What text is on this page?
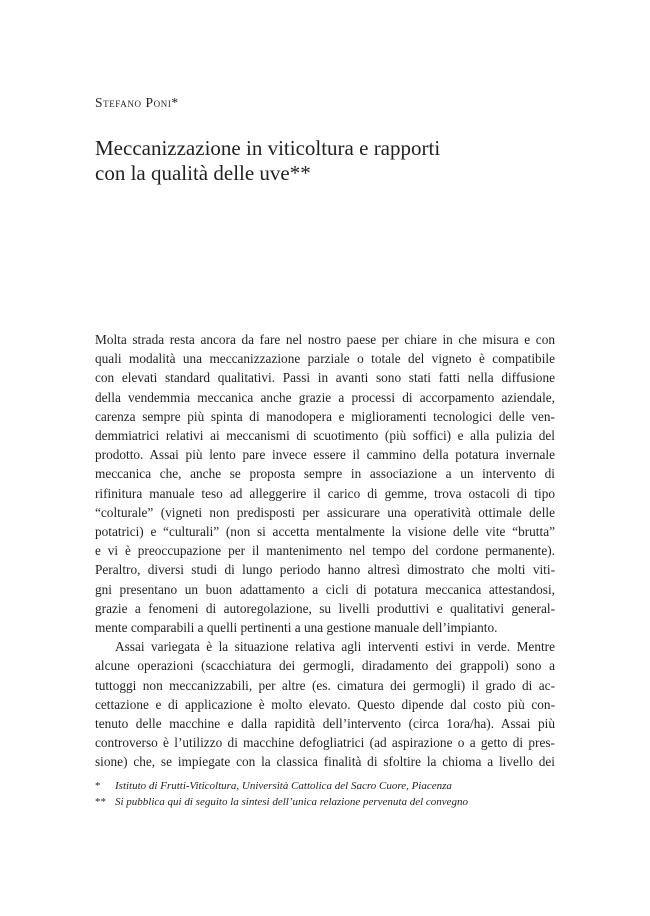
Stefano Poni*
Meccanizzazione in viticoltura e rapporti
con la qualità delle uve**

Molta strada resta ancora da fare nel nostro paese per chiare in che misura e con
quali modalità una meccanizzazione parziale o totale del vigneto è compatibile
con elevati standard qualitativi. Passi in avanti sono stati fatti nella diffusione
della vendemmia meccanica anche grazie a processi di accorpamento aziendale,
carenza sempre più spinta di manodopera e miglioramenti tecnologici delle ven-
demmiatrici relativi ai meccanismi di scuotimento (più soffici) e alla pulizia del
prodotto. Assai più lento pare invece essere il cammino della potatura invernale
meccanica che, anche se proposta sempre in associazione a un intervento di
rifinitura manuale teso ad alleggerire il carico di gemme, trova ostacoli di tipo
“colturale” (vigneti non predisposti per assicurare una operatività ottimale delle
potatrici) e “culturali” (non si accetta mentalmente la visione delle vite “brutta”
e vi è preoccupazione per il mantenimento nel tempo del cordone permanente).
Peraltro, diversi studi di lungo periodo hanno altresì dimostrato che molti viti-
gni presentano un buon adattamento a cicli di potatura meccanica attestandosi,
grazie a fenomeni di autoregolazione, su livelli produttivi e qualitativi general-
mente comparabili a quelli pertinenti a una gestione manuale dell’impianto.

Assai variegata è la situazione relativa agli interventi estivi in verde. Mentre
alcune operazioni (scacchiatura dei germogli, diradamento dei grappoli) sono a
tuttoggi non meccanizzabili, per altre (es. cimatura dei germogli) il grado di ac-
cettazione e di applicazione è molto elevato. Questo dipende dal costo più con-
tenuto delle macchine e dalla rapidità dell’intervento (circa 1ora/ha). Assai più
controverso è l’utilizzo di macchine defogliatrici (ad aspirazione o a getto di pres-
sione) che, se impiegate con la classica finalità di sfoltire la chioma a livello dei

*	Istituto di Frutti-Viticoltura, Università Cattolica del Sacro Cuore, Piacenza
** Si pubblica qui di seguito la sintesi dell’unica relazione pervenuta del convegno
